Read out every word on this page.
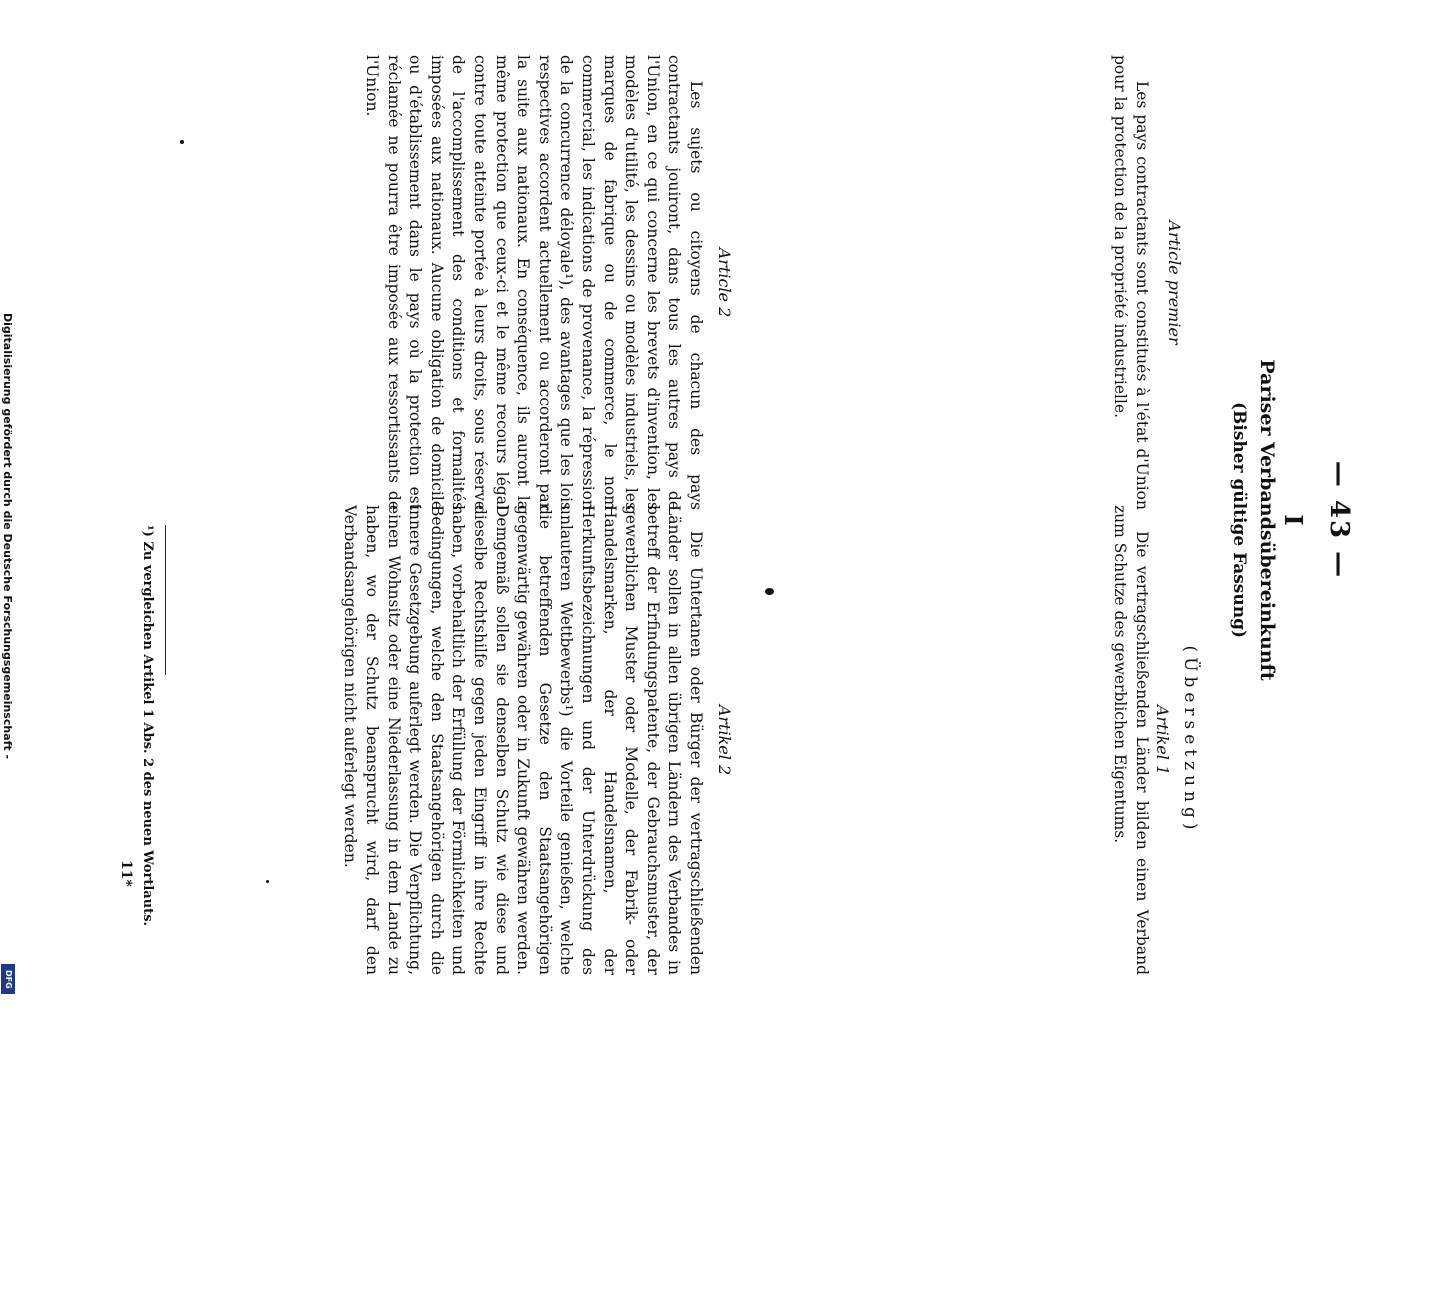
— 43 —
I
Pariser Verbandsübereinkunft
(Bisher gültige Fassung)
(Übersetzung)
Article premier
Les pays contractants sont constitués à l'état d'Union pour la protection de la propriété industrielle.
Article 2
Les sujets ou citoyens de chacun des pays contractants jouiront, dans tous les autres pays de l'Union, en ce qui concerne les brevets d'invention, les modèles d'utilité, les dessins ou modèles industriels, les marques de fabrique ou de commerce, le nom commercial, les indications de provenance, la répression de la concurrence déloyale¹), des avantages que les lois respectives accordent actuellement ou accorderont par la suite aux nationaux. En conséquence, ils auront la même protection que ceux-ci et le même recours légal contre toute atteinte portée à leurs droits, sous réserve de l'accomplissement des conditions et formalités imposées aux nationaux. Aucune obligation de domicile ou d'établissement dans le pays où la protection est réclamée ne pourra être imposée aux ressortissants de l'Union.
Artikel 1
Die vertragschließenden Länder bilden einen Verband zum Schutze des gewerblichen Eigentums.
Artikel 2
Die Untertanen oder Bürger der vertragschließenden Länder sollen in allen übrigen Ländern des Verbandes in betreff der Erfindungspatente, der Gebrauchsmuster, der gewerblichen Muster oder Modelle, der Fabrik- oder Handelsmarken, der Handelsnamen, der Herkunftsbezeichnungen und der Unterdrückung des unlauteren Wettbewerbs¹) die Vorteile genießen, welche die betreffenden Gesetze den Staatsangehörigen gegenwärtig gewähren oder in Zukunft gewähren werden. Demgemäß sollen sie denselben Schutz wie diese und dieselbe Rechtshilfe gegen jeden Eingriff in ihre Rechte haben, vorbehaltlich der Erfüllung der Förmlichkeiten und Bedingungen, welche den Staatsangehörigen durch die innere Gesetzgebung auferlegt werden. Die Verpflichtung, einen Wohnsitz oder eine Niederlassung in dem Lande zu haben, wo der Schutz beansprucht wird, darf den Verbandsangehörigen nicht auferlegt werden.
¹) Zu vergleichen Artikel 1 Abs. 2 des neuen Wortlauts.
11*
Digitalisierung gefördert durch die Deutsche Forschungsgemeinschaft -
DFG
